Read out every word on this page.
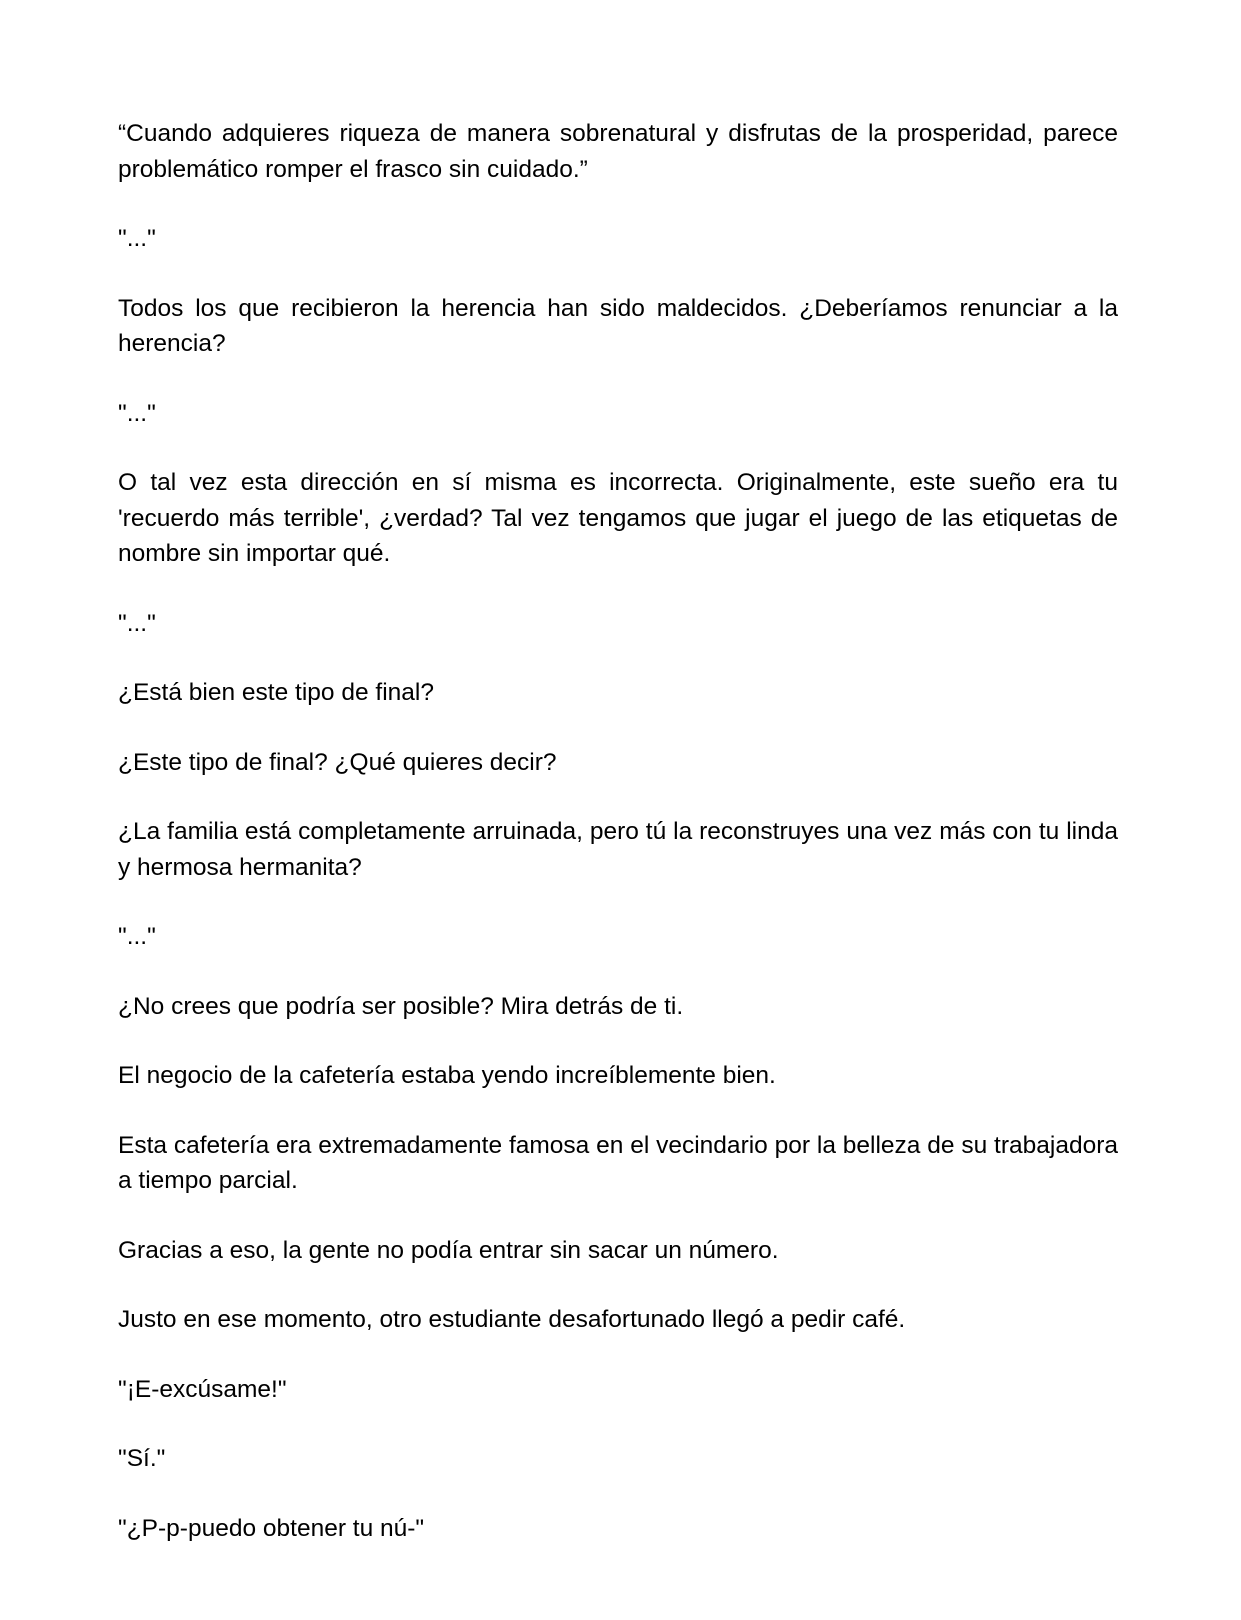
“Cuando adquieres riqueza de manera sobrenatural y disfrutas de la prosperidad, parece problemático romper el frasco sin cuidado.”

"..."

Todos los que recibieron la herencia han sido maldecidos. ¿Deberíamos renunciar a la herencia?

"..."

O tal vez esta dirección en sí misma es incorrecta. Originalmente, este sueño era tu 'recuerdo más terrible', ¿verdad? Tal vez tengamos que jugar el juego de las etiquetas de nombre sin importar qué.

"..."

¿Está bien este tipo de final?

¿Este tipo de final? ¿Qué quieres decir?

¿La familia está completamente arruinada, pero tú la reconstruyes una vez más con tu linda y hermosa hermanita?

"..."

¿No crees que podría ser posible? Mira detrás de ti.

El negocio de la cafetería estaba yendo increíblemente bien.

Esta cafetería era extremadamente famosa en el vecindario por la belleza de su trabajadora a tiempo parcial.

Gracias a eso, la gente no podía entrar sin sacar un número.

Justo en ese momento, otro estudiante desafortunado llegó a pedir café.

"¡E-excúsame!"

"Sí."

"¿P-p-puedo obtener tu nú-"
